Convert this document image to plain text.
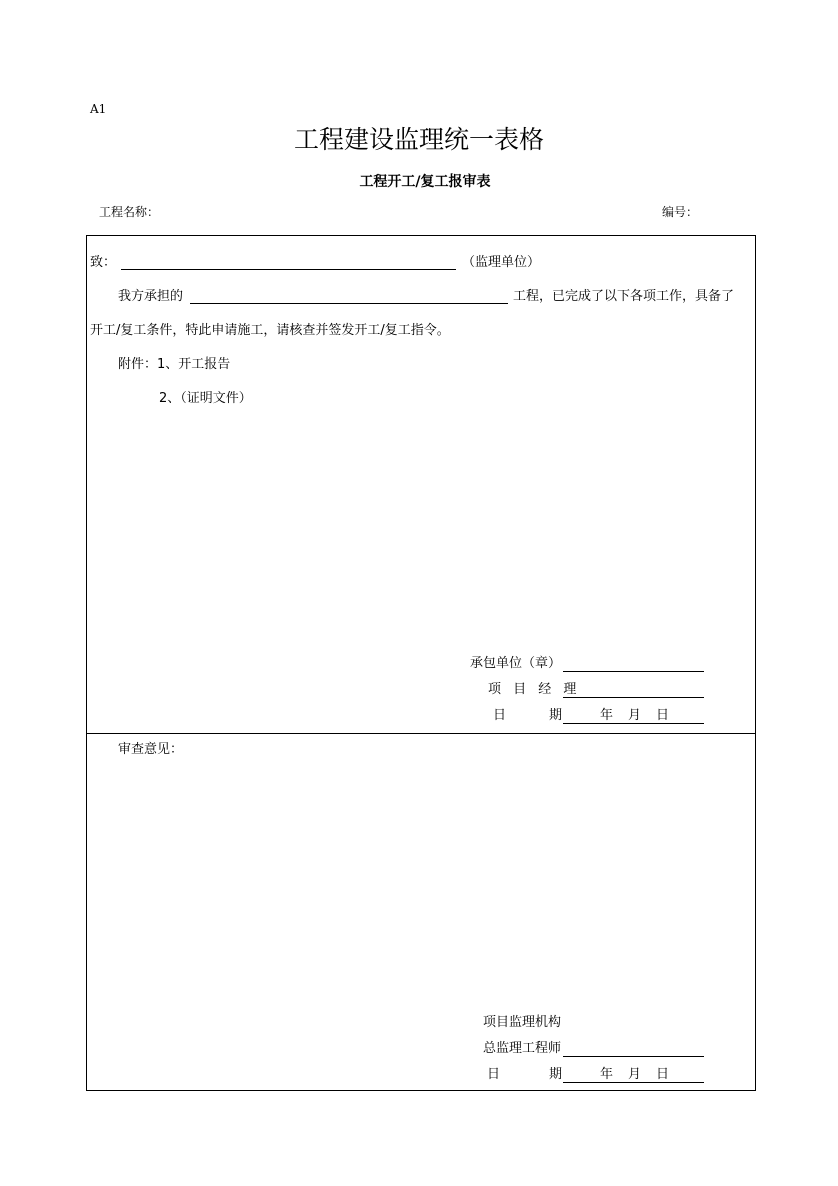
A1
工程建设监理统一表格
工程开工/复工报审表
工程名称：	编号：
致：	（监理单位）
我方承担的	工程，已完成了以下各项工作，具备了
开工/复工条件，特此申请施工，请核查并签发开工/复工指令。
附件：1、开工报告
2、（证明文件）
承包单位（章）
项 目 经 理
日	期	年 月 日
审查意见：
项目监理机构
总监理工程师
日	期	年 月 日
